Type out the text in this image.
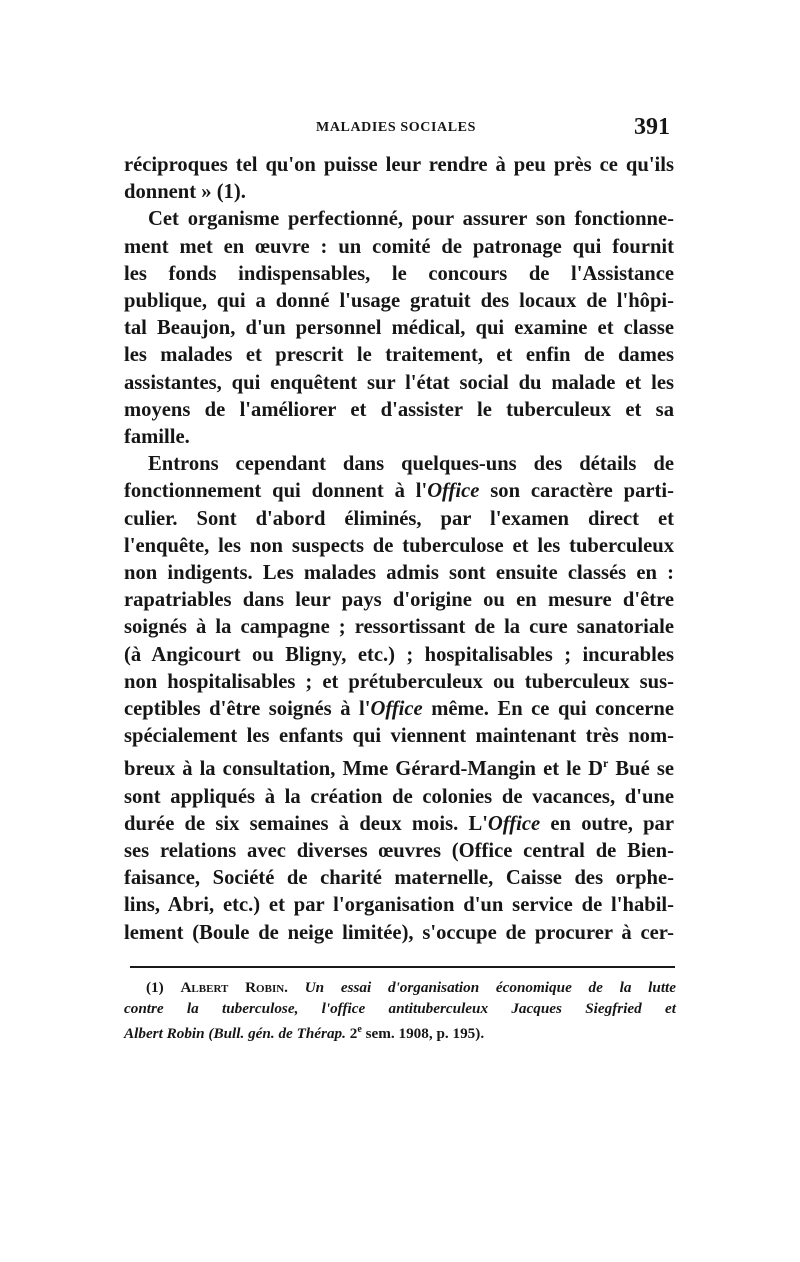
MALADIES SOCIALES	391
réciproques tel qu'on puisse leur rendre à peu près ce qu'ils
donnent » (1).
Cet organisme perfectionné, pour assurer son fonctionne-
ment met en œuvre : un comité de patronage qui fournit
les fonds indispensables, le concours de l'Assistance
publique, qui a donné l'usage gratuit des locaux de l'hôpi-
tal Beaujon, d'un personnel médical, qui examine et classe
les malades et prescrit le traitement, et enfin de dames
assistantes, qui enquêtent sur l'état social du malade et les
moyens de l'améliorer et d'assister le tuberculeux et sa
famille.
Entrons cependant dans quelques-uns des détails de
fonctionnement qui donnent à l'Office son caractère parti-
culier. Sont d'abord éliminés, par l'examen direct et
l'enquête, les non suspects de tuberculose et les tuberculeux
non indigents. Les malades admis sont ensuite classés en :
rapatriables dans leur pays d'origine ou en mesure d'être
soignés à la campagne ; ressortissant de la cure sanatoriale
(à Angicourt ou Bligny, etc.) ; hospitalisables ; incurables
non hospitalisables ; et prétuberculeux ou tuberculeux sus-
ceptibles d'être soignés à l'Office même. En ce qui concerne
spécialement les enfants qui viennent maintenant très nom-
breux à la consultation, Mme Gérard-Mangin et le $D^r$ Bué se
sont appliqués à la création de colonies de vacances, d'une
durée de six semaines à deux mois. L'Office en outre, par
ses relations avec diverses œuvres (Office central de Bien-
faisance, Société de charité maternelle, Caisse des orphe-
lins, Abri, etc.) et par l'organisation d'un service de l'habil-
lement (Boule de neige limitée), s'occupe de procurer à cer-
(1) Albert Robin. Un essai d'organisation économique de la lutte
contre la tuberculose, l'office antituberculeux Jacques Siegfried et
Albert Robin (Bull. gén. de Thérap. 2e sem. 1908, p. 195).
